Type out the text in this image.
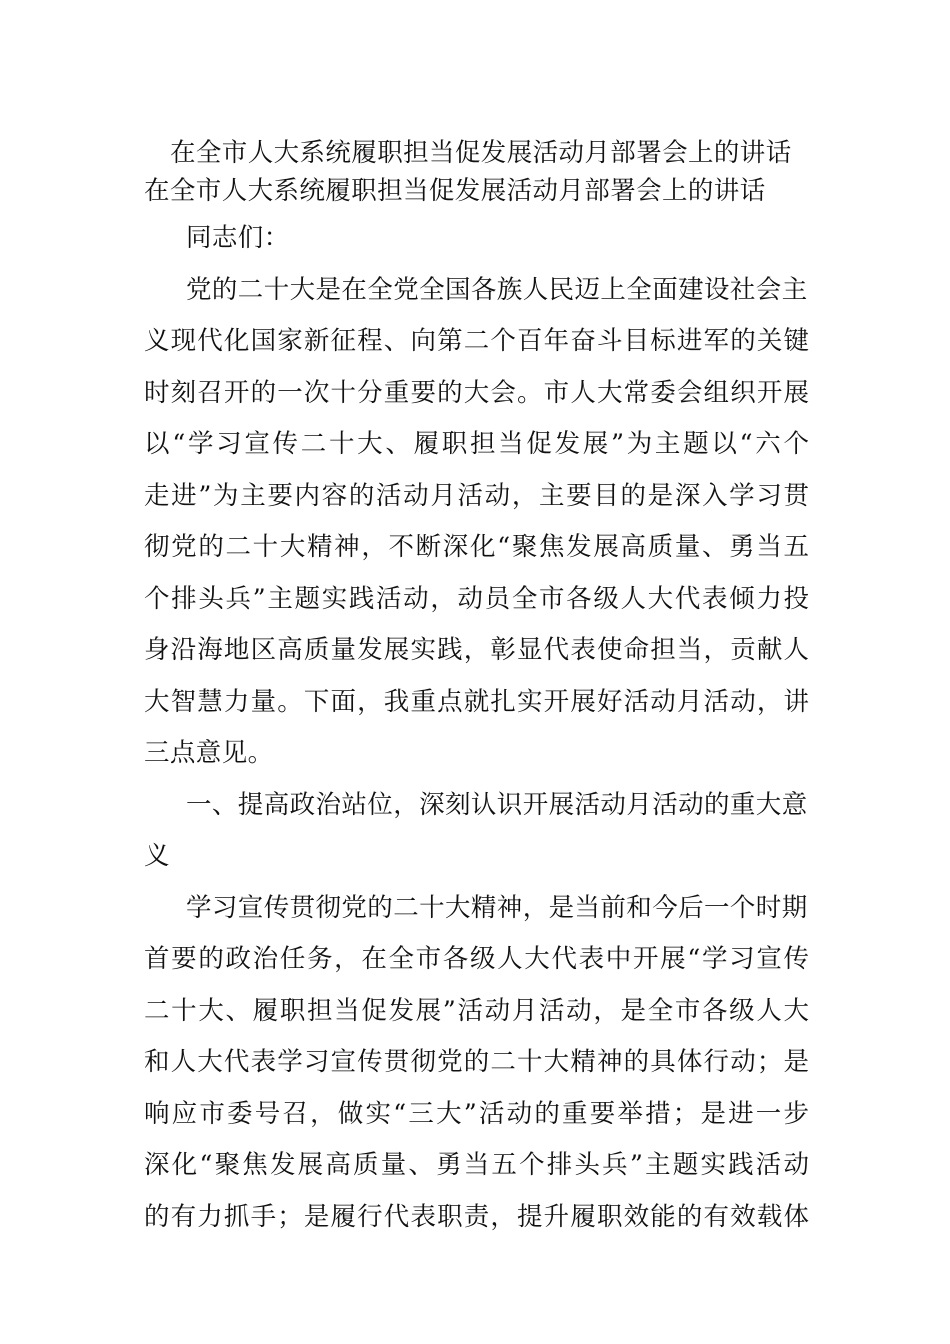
在全市人大系统履职担当促发展活动月部署会上的讲话
在全市人大系统履职担当促发展活动月部署会上的讲话
同志们：
党的二十大是在全党全国各族人民迈上全面建设社会主
义现代化国家新征程、向第二个百年奋斗目标进军的关键
时刻召开的一次十分重要的大会。市人大常委会组织开展
以“学习宣传二十大、履职担当促发展”为主题以“六个
走进”为主要内容的活动月活动，主要目的是深入学习贯
彻党的二十大精神，不断深化“聚焦发展高质量、勇当五
个排头兵”主题实践活动，动员全市各级人大代表倾力投
身沿海地区高质量发展实践，彰显代表使命担当，贡献人
大智慧力量。下面，我重点就扎实开展好活动月活动，讲
三点意见。
一、提高政治站位，深刻认识开展活动月活动的重大意
义
学习宣传贯彻党的二十大精神，是当前和今后一个时期
首要的政治任务，在全市各级人大代表中开展“学习宣传
二十大、履职担当促发展”活动月活动，是全市各级人大
和人大代表学习宣传贯彻党的二十大精神的具体行动；是
响应市委号召，做实“三大”活动的重要举措；是进一步
深化“聚焦发展高质量、勇当五个排头兵”主题实践活动
的有力抓手；是履行代表职责，提升履职效能的有效载体
